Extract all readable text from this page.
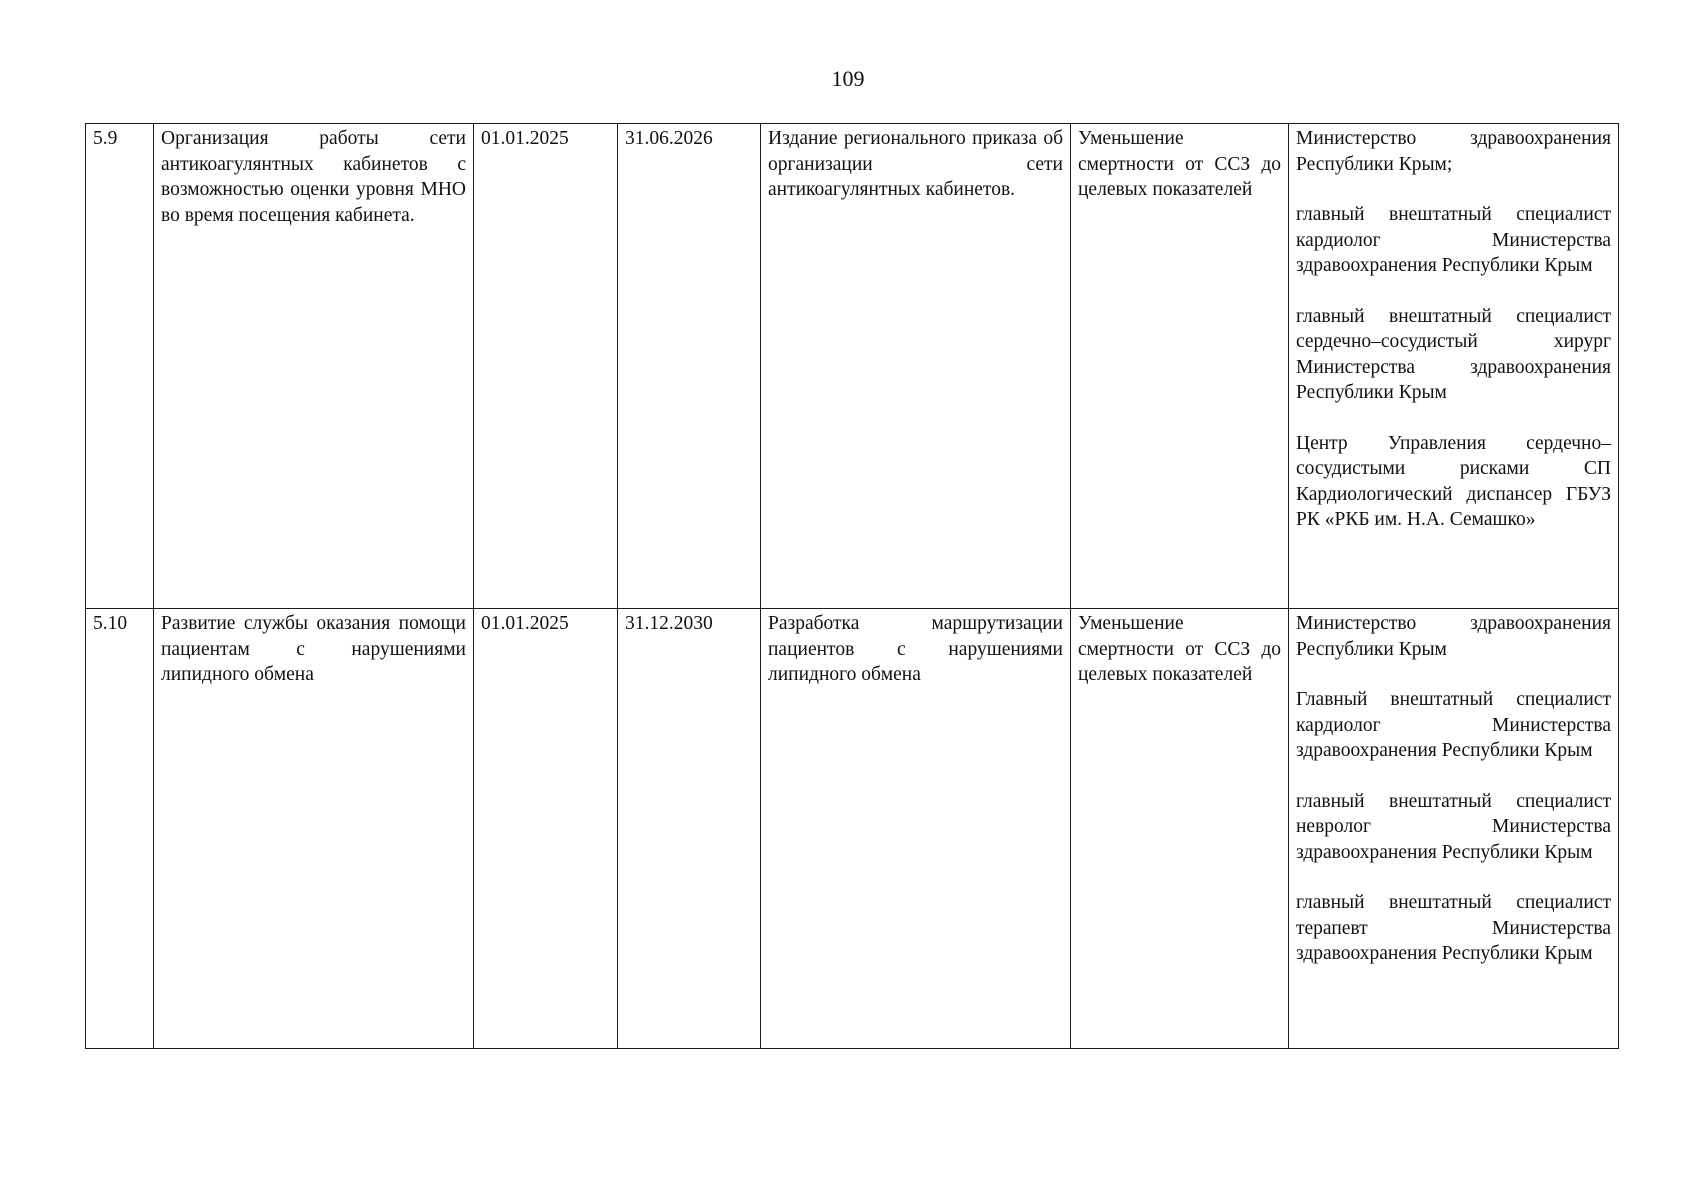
109
5.9	Организация работы сети антикоагулянтных кабинетов с возможностью оценки уровня МНО во время посещения кабинета.	01.01.2025	31.06.2026	Издание регионального приказа об организации сети антикоагулянтных кабинетов.	Уменьшение смертности от ССЗ до целевых показателей	Министерство здравоохранения Республики Крым;
главный внештатный специалист кардиолог Министерства здравоохранения Республики Крым
главный внештатный специалист сердечно–сосудистый хирург Министерства здравоохранения Республики Крым
Центр Управления сердечно–сосудистыми рисками СП Кардиологический диспансер ГБУЗ РК «РКБ им. Н.А. Семашко»

5.10	Развитие службы оказания помощи пациентам с нарушениями липидного обмена	01.01.2025	31.12.2030	Разработка маршрутизации пациентов с нарушениями липидного обмена	Уменьшение смертности от ССЗ до целевых показателей	Министерство здравоохранения Республики Крым
Главный внештатный специалист кардиолог Министерства здравоохранения Республики Крым
главный внештатный специалист невролог Министерства здравоохранения Республики Крым
главный внештатный специалист терапевт Министерства здравоохранения Республики Крым
